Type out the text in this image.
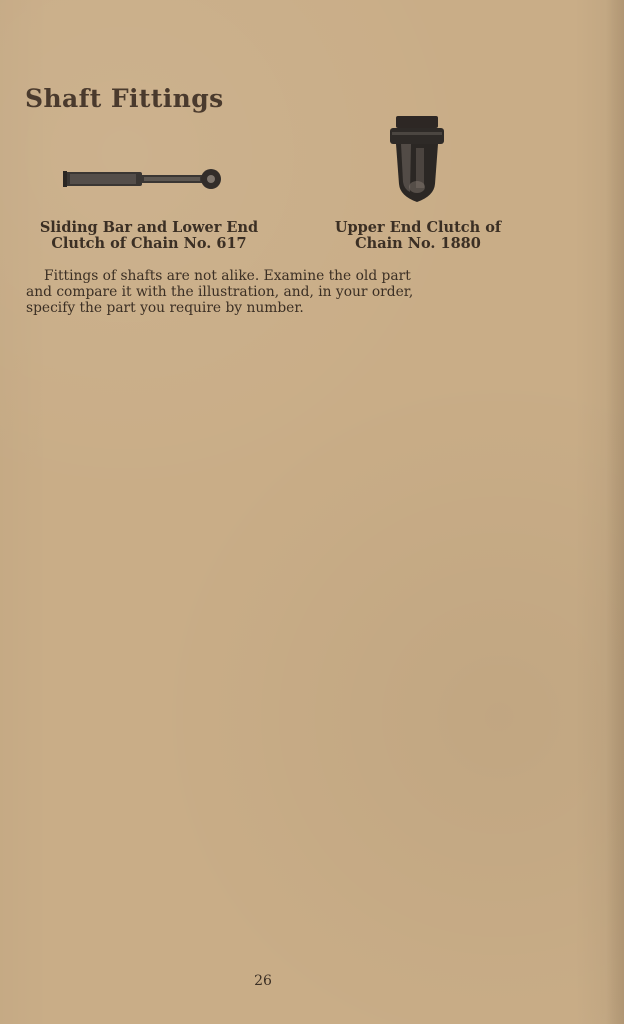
Shaft Fittings
Sliding Bar and Lower End
Clutch of Chain No. 617
Upper End Clutch of
Chain No. 1880
Fittings of shafts are not alike. Examine the old part
and compare it with the illustration, and, in your order,
specify the part you require by number.
26
